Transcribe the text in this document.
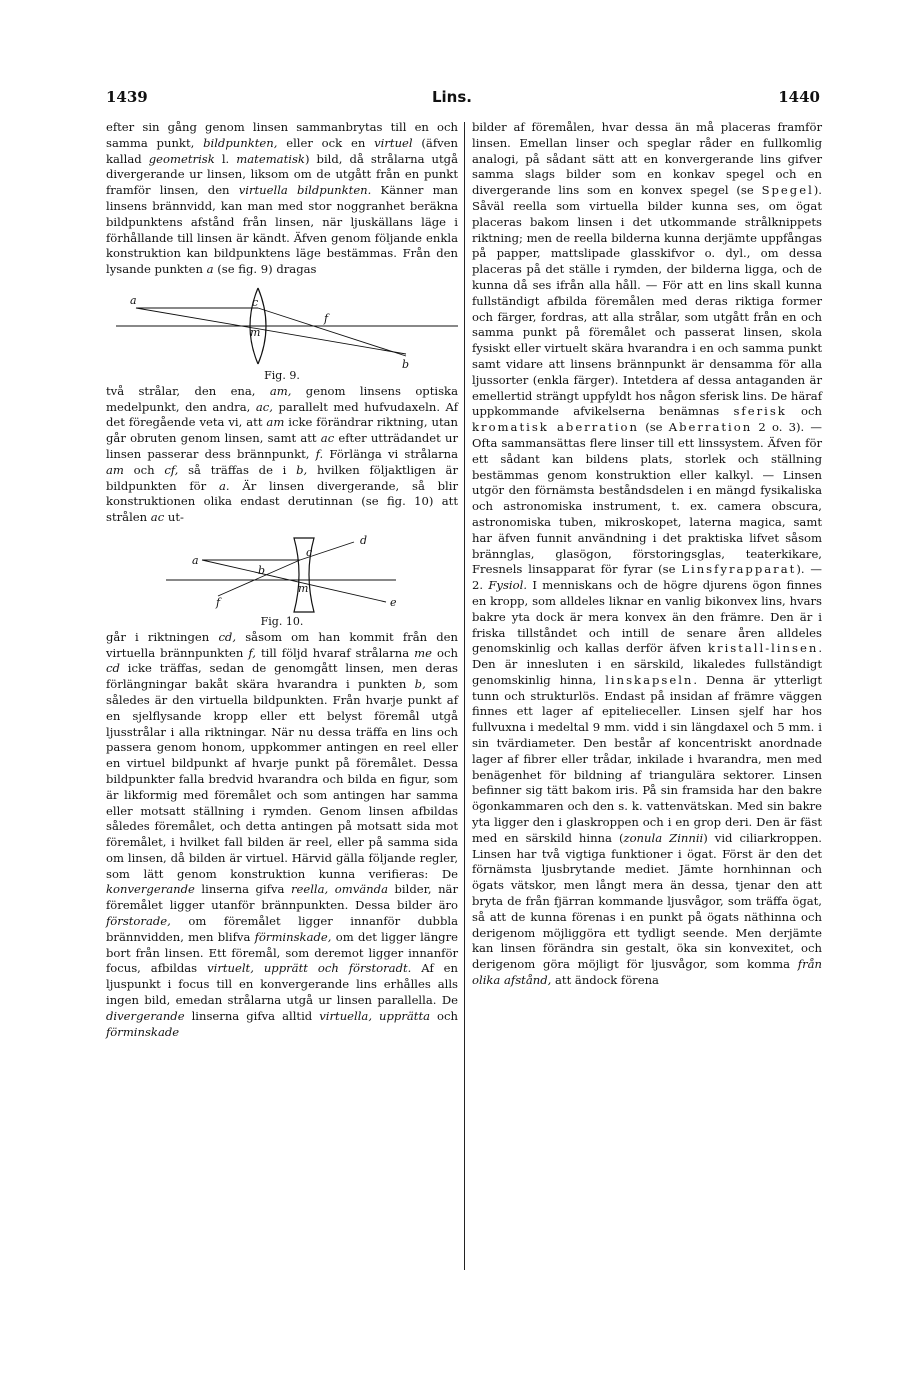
1439	Lins.	1440

efter sin gång genom linsen sammanbrytas till en och samma punkt, bildpunkten, eller ock en virtuel (äfven kallad geometrisk l. matematisk) bild, då strålarna utgå divergerande ur linsen, liksom om de utgått från en punkt framför linsen, den virtuella bildpunkten. Känner man linsens brännvidd, kan man med stor noggranhet beräkna bildpunktens afstånd från linsen, när ljuskällans läge i förhållande till linsen är kändt. Äfven genom följande enkla konstruktion kan bildpunktens läge bestämmas. Från den lysande punkten a (se fig. 9) dragas

a	c
m
f
b

Fig. 9.

två strålar, den ena, am, genom linsens optiska medelpunkt, den andra, ac, parallelt med hufvudaxeln. Af det föregående veta vi, att am icke förändrar riktning, utan går obruten genom linsen, samt att ac efter utträdandet ur linsen passerar dess brännpunkt, f. Förlänga vi strålarna am och cf, så träffas de i b, hvilken följaktligen är bildpunkten för a. Är linsen divergerande, så blir konstruktionen olika endast derutinnan (se fig. 10) att strålen ac ut-

a
b
c
d
f
m
e

Fig. 10.

går i riktningen cd, såsom om han kommit från den virtuella brännpunkten f, till följd hvaraf strålarna me och cd icke träffas, sedan de genomgått linsen, men deras förlängningar bakåt skära hvarandra i punkten b, som således är den virtuella bildpunkten. Från hvarje punkt af en sjelflysande kropp eller ett belyst föremål utgå ljusstrålar i alla riktningar. När nu dessa träffa en lins och passera genom honom, uppkommer antingen en reel eller en virtuel bildpunkt af hvarje punkt på föremålet. Dessa bildpunkter falla bredvid hvarandra och bilda en figur, som är likformig med föremålet och som antingen har samma eller motsatt ställning i rymden. Genom linsen afbildas således föremålet, och detta antingen på motsatt sida mot föremålet, i hvilket fall bilden är reel, eller på samma sida om linsen, då bilden är virtuel. Härvid gälla följande regler, som lätt genom konstruktion kunna verifieras: De konvergerande linserna gifva reella, omvända bilder, när föremålet ligger utanför brännpunkten. Dessa bilder äro förstorade, om föremålet ligger innanför dubbla brännvidden, men blifva förminskade, om det ligger längre bort från linsen. Ett föremål, som deremot ligger innanför focus, afbildas virtuelt, upprätt och förstoradt. Af en ljuspunkt i focus till en konvergerande lins erhålles alls ingen bild, emedan strålarna utgå ur linsen parallella. De divergerande linserna gifva alltid virtuella, upprätta och förminskade

bilder af föremålen, hvar dessa än må placeras framför linsen. Emellan linser och speglar råder en fullkomlig analogi, på sådant sätt att en konvergerande lins gifver samma slags bilder som en konkav spegel och en divergerande lins som en konvex spegel (se Spegel). Såväl reella som virtuella bilder kunna ses, om ögat placeras bakom linsen i det utkommande strålknippets riktning; men de reella bilderna kunna derjämte uppfångas på papper, mattslipade glasskifvor o. dyl., om dessa placeras på det ställe i rymden, der bilderna ligga, och de kunna då ses ifrån alla håll. — För att en lins skall kunna fullständigt afbilda föremålen med deras riktiga former och färger, fordras, att alla strålar, som utgått från en och samma punkt på föremålet och passerat linsen, skola fysiskt eller virtuelt skära hvarandra i en och samma punkt samt vidare att linsens brännpunkt är densamma för alla ljussorter (enkla färger). Intetdera af dessa antaganden är emellertid strängt uppfyldt hos någon sferisk lins. De häraf uppkommande afvikelserna benämnas sferisk och kromatisk aberration (se Aberration 2 o. 3). — Ofta sammansättas flere linser till ett linssystem. Äfven för ett sådant kan bildens plats, storlek och ställning bestämmas genom konstruktion eller kalkyl. — Linsen utgör den förnämsta beståndsdelen i en mängd fysikaliska och astronomiska instrument, t. ex. camera obscura, astronomiska tuben, mikroskopet, laterna magica, samt har äfven funnit användning i det praktiska lifvet såsom brännglas, glasögon, förstoringsglas, teaterkikare, Fresnels linsapparat för fyrar (se Linsfyrapparat). — 2. Fysiol. I menniskans och de högre djurens ögon finnes en kropp, som alldeles liknar en vanlig bikonvex lins, hvars bakre yta dock är mera konvex än den främre. Den är i friska tillståndet och intill de senare åren alldeles genomskinlig och kallas derför äfven kristall-linsen. Den är innesluten i en särskild, likaledes fullständigt genomskinlig hinna, linskapseln. Denna är ytterligt tunn och strukturlös. Endast på insidan af främre väggen finnes ett lager af epitelieceller. Linsen sjelf har hos fullvuxna i medeltal 9 mm. vidd i sin längdaxel och 5 mm. i sin tvärdiameter. Den består af koncentriskt anordnade lager af fibrer eller trådar, inkilade i hvarandra, men med benägenhet för bildning af triangulära sektorer. Linsen befinner sig tätt bakom iris. På sin framsida har den bakre ögonkammaren och den s. k. vattenvätskan. Med sin bakre yta ligger den i glaskroppen och i en grop deri. Den är fäst med en särskild hinna (zonula Zinnii) vid ciliarkroppen. Linsen har två vigtiga funktioner i ögat. Först är den det förnämsta ljusbrytande mediet. Jämte hornhinnan och ögats vätskor, men långt mera än dessa, tjenar den att bryta de från fjärran kommande ljusvågor, som träffa ögat, så att de kunna förenas i en punkt på ögats näthinna och derigenom möjliggöra ett tydligt seende. Men derjämte kan linsen förändra sin gestalt, öka sin konvexitet, och derigenom göra möjligt för ljusvågor, som komma från olika afstånd, att ändock förena
